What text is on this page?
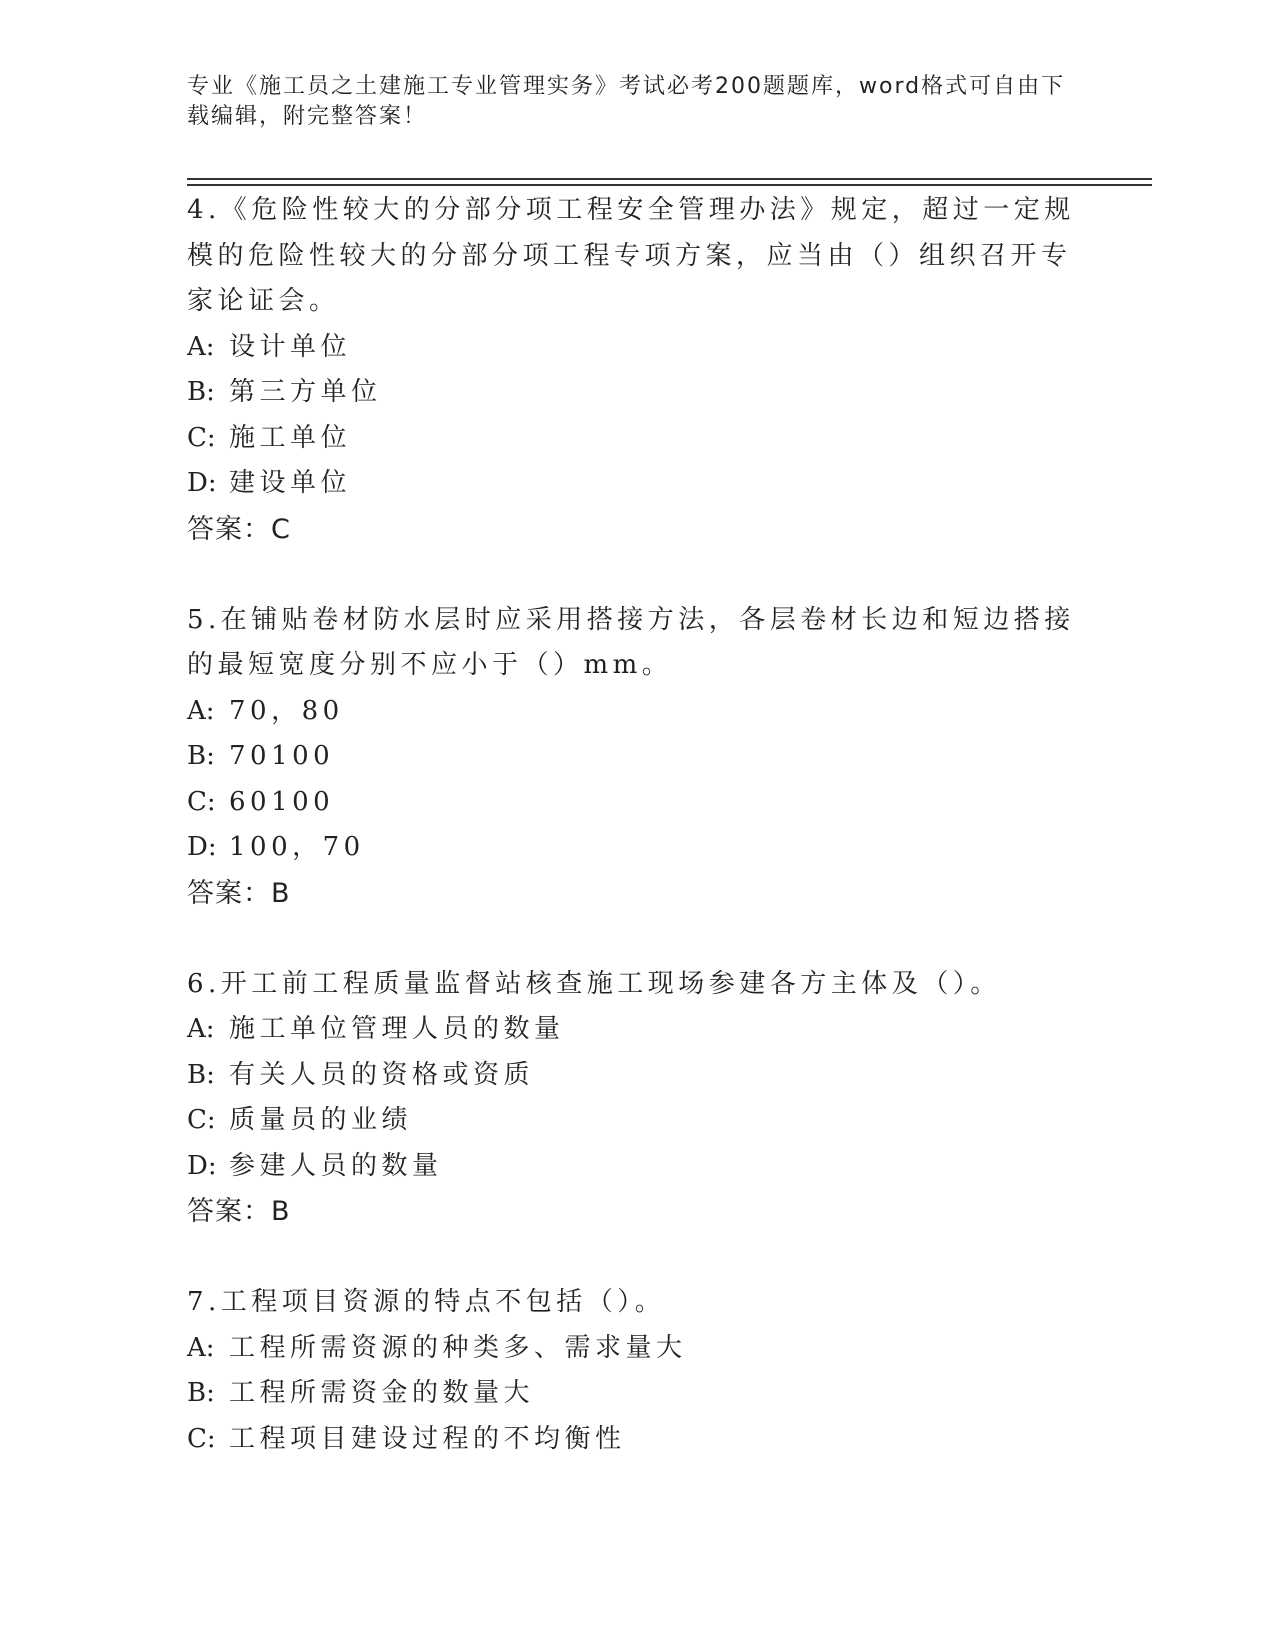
专业《施工员之土建施工专业管理实务》考试必考200题题库，word格式可自由下载编辑，附完整答案！

4.《危险性较大的分部分项工程安全管理办法》规定，超过一定规模的危险性较大的分部分项工程专项方案，应当由（）组织召开专家论证会。

A: 设计单位

B: 第三方单位

C: 施工单位

D: 建设单位

答案：C

5.在铺贴卷材防水层时应采用搭接方法，各层卷材长边和短边搭接的最短宽度分别不应小于（）mm。

A: 70，80

B: 70100

C: 60100

D: 100，70

答案：B

6.开工前工程质量监督站核查施工现场参建各方主体及（）。

A: 施工单位管理人员的数量

B: 有关人员的资格或资质

C: 质量员的业绩

D: 参建人员的数量

答案：B

7.工程项目资源的特点不包括（）。

A: 工程所需资源的种类多、需求量大

B: 工程所需资金的数量大

C: 工程项目建设过程的不均衡性
